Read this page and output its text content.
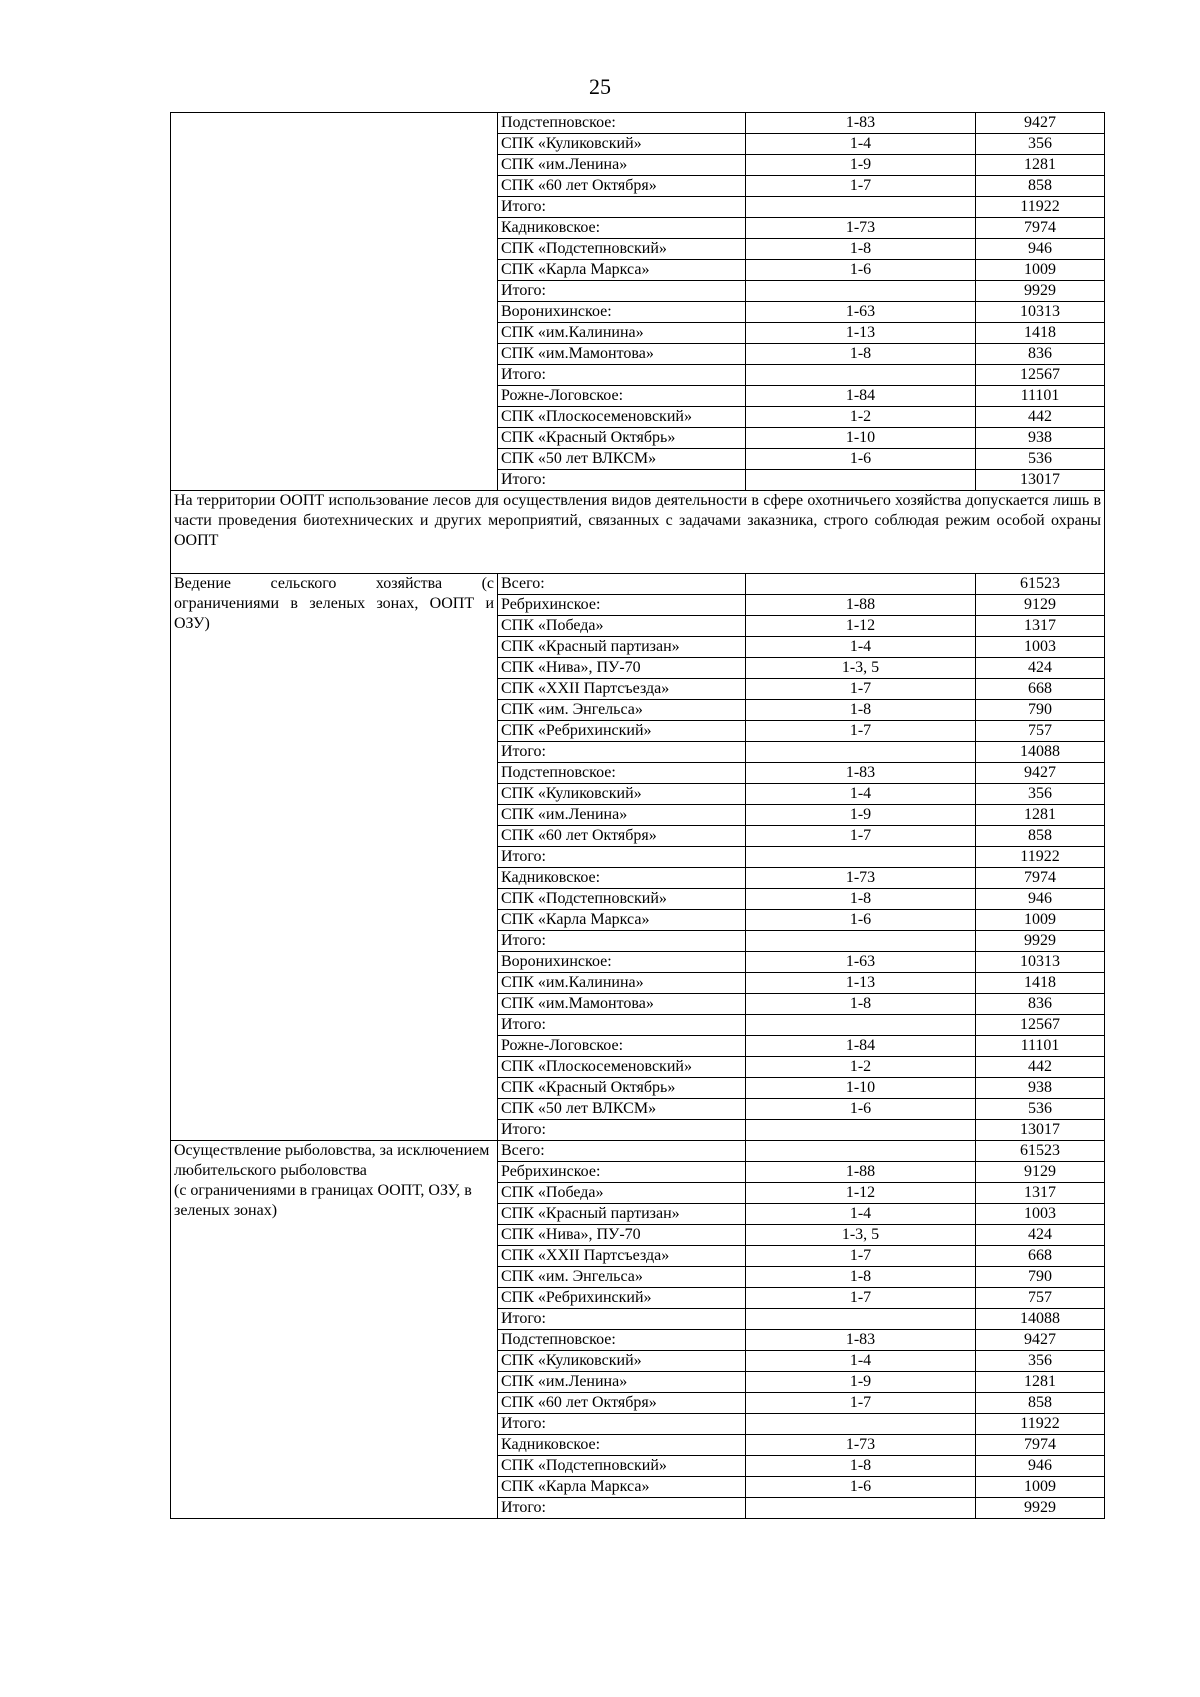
25
	Подстепновское:	1-83	9427
	СПК «Куликовский»	1-4	356
	СПК «им.Ленина»	1-9	1281
	СПК «60 лет Октября»	1-7	858
	Итого:		11922
	Кадниковское:	1-73	7974
	СПК «Подстепновский»	1-8	946
	СПК «Карла Маркса»	1-6	1009
	Итого:		9929
	Воронихинское:	1-63	10313
	СПК «им.Калинина»	1-13	1418
	СПК «им.Мамонтова»	1-8	836
	Итого:		12567
	Рожне-Логовское:	1-84	11101
	СПК «Плоскосеменовский»	1-2	442
	СПК «Красный Октябрь»	1-10	938
	СПК «50 лет ВЛКСМ»	1-6	536
	Итого:		13017
На территории ООПТ использование лесов для осуществления видов деятельности в сфере охотничьего хозяйства допускается лишь в части проведения биотехнических и других мероприятий, связанных с задачами заказника, строго соблюдая режим особой охраны ООПТ			
Ведение сельского хозяйства (с ограничениями в зеленых зонах, ООПТ и ОЗУ)	Всего:		61523
	Ребрихинское:	1-88	9129
	СПК «Победа»	1-12	1317
	СПК «Красный партизан»	1-4	1003
	СПК «Нива», ПУ-70	1-3, 5	424
	СПК «XXII Партсъезда»	1-7	668
	СПК «им. Энгельса»	1-8	790
	СПК «Ребрихинский»	1-7	757
	Итого:		14088
	Подстепновское:	1-83	9427
	СПК «Куликовский»	1-4	356
	СПК «им.Ленина»	1-9	1281
	СПК «60 лет Октября»	1-7	858
	Итого:		11922
	Кадниковское:	1-73	7974
	СПК «Подстепновский»	1-8	946
	СПК «Карла Маркса»	1-6	1009
	Итого:		9929
	Воронихинское:	1-63	10313
	СПК «им.Калинина»	1-13	1418
	СПК «им.Мамонтова»	1-8	836
	Итого:		12567
	Рожне-Логовское:	1-84	11101
	СПК «Плоскосеменовский»	1-2	442
	СПК «Красный Октябрь»	1-10	938
	СПК «50 лет ВЛКСМ»	1-6	536
	Итого:		13017
Осуществление рыболовства, за исключением любительского рыболовства
(с ограничениями в границах ООПТ, ОЗУ, в зеленых зонах)	Всего:		61523
	Ребрихинское:	1-88	9129
	СПК «Победа»	1-12	1317
	СПК «Красный партизан»	1-4	1003
	СПК «Нива», ПУ-70	1-3, 5	424
	СПК «XXII Партсъезда»	1-7	668
	СПК «им. Энгельса»	1-8	790
	СПК «Ребрихинский»	1-7	757
	Итого:		14088
	Подстепновское:	1-83	9427
	СПК «Куликовский»	1-4	356
	СПК «им.Ленина»	1-9	1281
	СПК «60 лет Октября»	1-7	858
	Итого:		11922
	Кадниковское:	1-73	7974
	СПК «Подстепновский»	1-8	946
	СПК «Карла Маркса»	1-6	1009
	Итого:		9929
